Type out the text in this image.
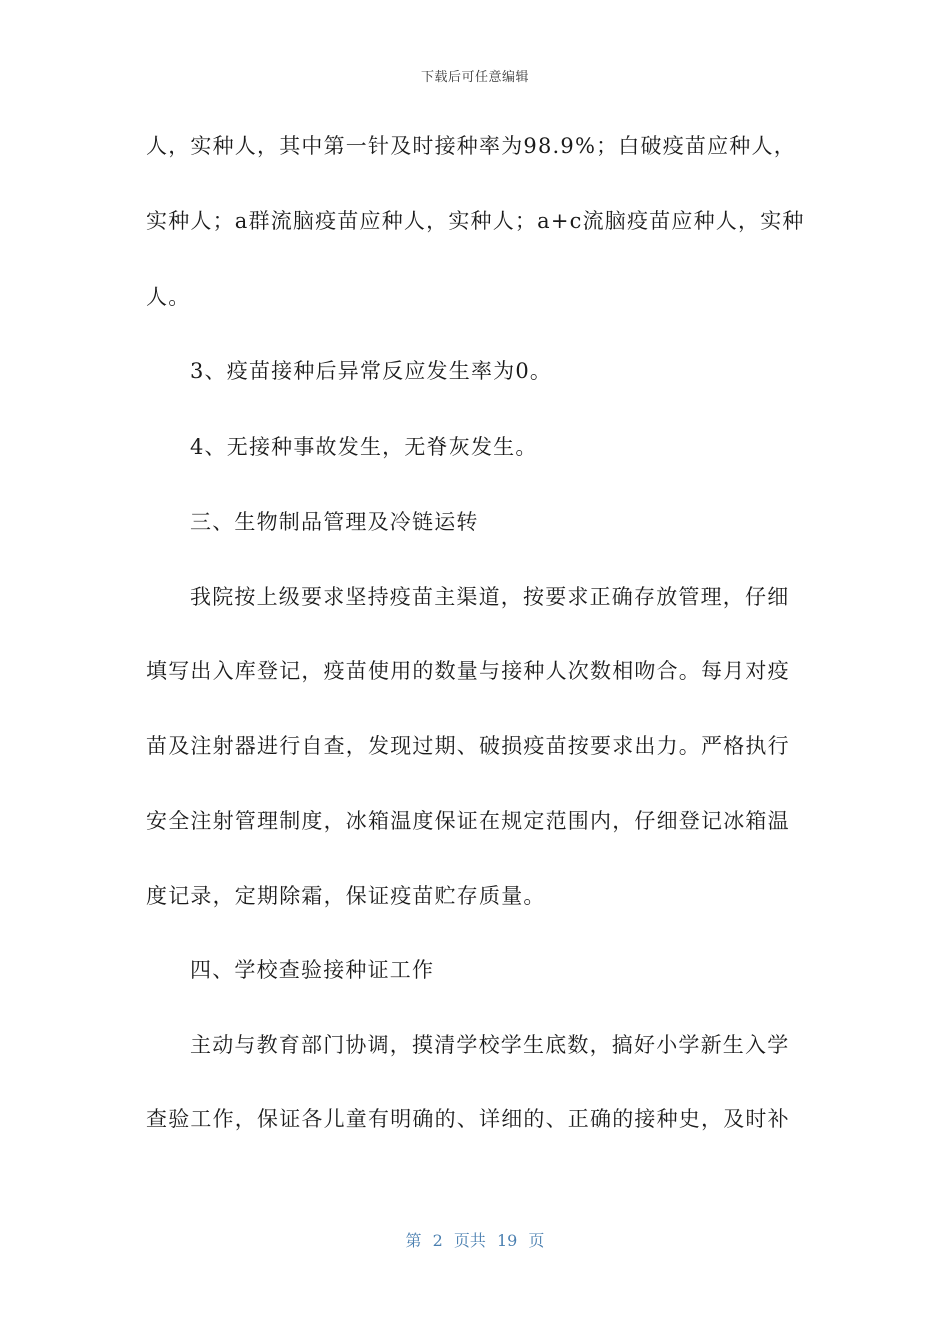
下载后可任意编辑
人，实种人，其中第一针及时接种率为98.9%；白破疫苗应种人，
实种人；a群流脑疫苗应种人，实种人；a+c流脑疫苗应种人，实种
人。
3、疫苗接种后异常反应发生率为0。
4、无接种事故发生，无脊灰发生。
三、生物制品管理及冷链运转
我院按上级要求坚持疫苗主渠道，按要求正确存放管理，仔细
填写出入库登记，疫苗使用的数量与接种人次数相吻合。每月对疫
苗及注射器进行自查，发现过期、破损疫苗按要求出力。严格执行
安全注射管理制度，冰箱温度保证在规定范围内，仔细登记冰箱温
度记录，定期除霜，保证疫苗贮存质量。
四、学校查验接种证工作
主动与教育部门协调，摸清学校学生底数，搞好小学新生入学
查验工作，保证各儿童有明确的、详细的、正确的接种史，及时补
第 2 页共 19 页
